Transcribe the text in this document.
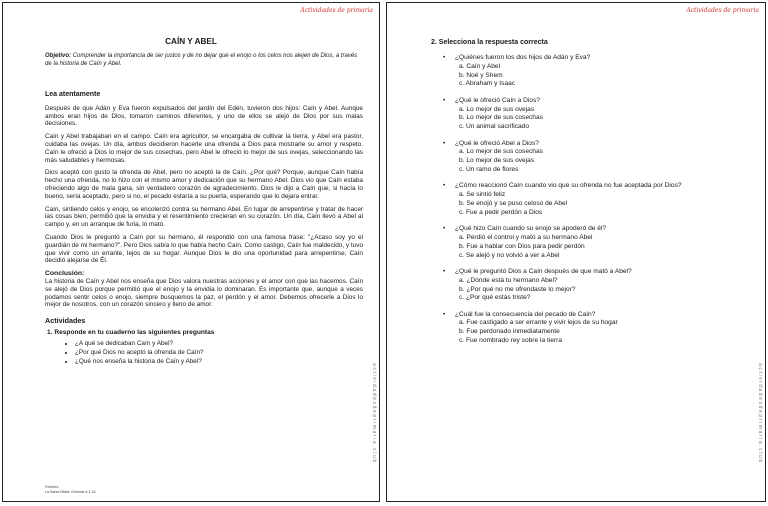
Actividades de primaria
actividadesdeprimaria.club
CAÍN Y ABEL
Objetivo: Comprender la importancia de ser justos y de no dejar que el enojo o los celos nos alejen de Dios, a través de la historia de Caín y Abel.
Lea atentamente

Después de que Adán y Eva fueron expulsados del jardín del Edén, tuvieron dos hijos: Caín y Abel. Aunque ambos eran hijos de Dios, tomaron caminos diferentes, y uno de ellos se alejó de Dios por sus malas decisiones.

Caín y Abel trabajaban en el campo. Caín era agricultor, se encargaba de cultivar la tierra, y Abel era pastor, cuidaba las ovejas. Un día, ambos decidieron hacerle una ofrenda a Dios para mostrarle su amor y respeto. Caín le ofreció a Dios lo mejor de sus cosechas, pero Abel le ofreció lo mejor de sus ovejas, seleccionando las más saludables y hermosas.

Dios aceptó con gusto la ofrenda de Abel, pero no aceptó la de Caín. ¿Por qué? Porque, aunque Caín había hecho una ofrenda, no lo hizo con el mismo amor y dedicación que su hermano Abel. Dios vio que Caín estaba ofreciendo algo de mala gana, sin verdadero corazón de agradecimiento. Dios le dijo a Caín que, si hacía lo bueno, sería aceptado, pero si no, el pecado estaría a su puerta, esperando que lo dejara entrar.

Caín, sintiendo celos y enojo, se encolerizó contra su hermano Abel. En lugar de arrepentirse y tratar de hacer las cosas bien, permitió que la envidia y el resentimiento crecieran en su corazón. Un día, Caín llevó a Abel al campo y, en un arranque de furia, lo mató.

Cuando Dios le preguntó a Caín por su hermano, él respondió con una famosa frase: "¿Acaso soy yo el guardián de mi hermano?". Pero Dios sabía lo que había hecho Caín. Como castigo, Caín fue maldecido, y tuvo que vivir como un errante, lejos de su hogar. Aunque Dios le dio una oportunidad para arrepentirse, Caín decidió alejarse de Él.

Conclusión:

La historia de Caín y Abel nos enseña que Dios valora nuestras acciones y el amor con que las hacemos. Caín se alejó de Dios porque permitió que el enojo y la envidia lo dominaran. Es importante que, aunque a veces podamos sentir celos o enojo, siempre busquemos la paz, el perdón y el amor. Debemos ofrecerle a Dios lo mejor de nosotros, con un corazón sincero y lleno de amor.

Actividades
1. Responde en tu cuaderno las siguientes preguntas
• ¿A qué se dedicaban Caín y Abel?
• ¿Por qué Dios no aceptó la ofrenda de Caín?
• ¿Qué nos enseña la historia de Caín y Abel?
Fuentes:
La Santa Biblia: Génesis 4:1-16
Actividades de primaria
actividadesdeprimaria.club
2. Selecciona la respuesta correcta
• ¿Quiénes fueron los dos hijos de Adán y Eva?
a. Caín y Abel
b. Noé y Shem
c. Abraham y Isaac
• ¿Qué le ofreció Caín a Dios?
a. Lo mejor de sus ovejas
b. Lo mejor de sus cosechas
c. Un animal sacrificado
• ¿Qué le ofreció Abel a Dios?
a. Lo mejor de sus cosechas
b. Lo mejor de sus ovejas
c. Un ramo de flores
• ¿Cómo reaccionó Caín cuando vio que su ofrenda no fue aceptada por Dios?
a. Se sintió feliz
b. Se enojó y se puso celoso de Abel
c. Fue a pedir perdón a Dios
• ¿Qué hizo Caín cuando su enojo se apoderó de él?
a. Perdió el control y mató a su hermano Abel
b. Fue a hablar con Dios para pedir perdón
c. Se alejó y no volvió a ver a Abel
• ¿Qué le preguntó Dios a Caín después de que mató a Abel?
a. ¿Dónde está tu hermano Abel?
b. ¿Por qué no me ofrendaste lo mejor?
c. ¿Por qué estás triste?
• ¿Cuál fue la consecuencia del pecado de Caín?
a. Fue castigado a ser errante y vivir lejos de su hogar
b. Fue perdonado inmediatamente
c. Fue nombrado rey sobre la tierra
